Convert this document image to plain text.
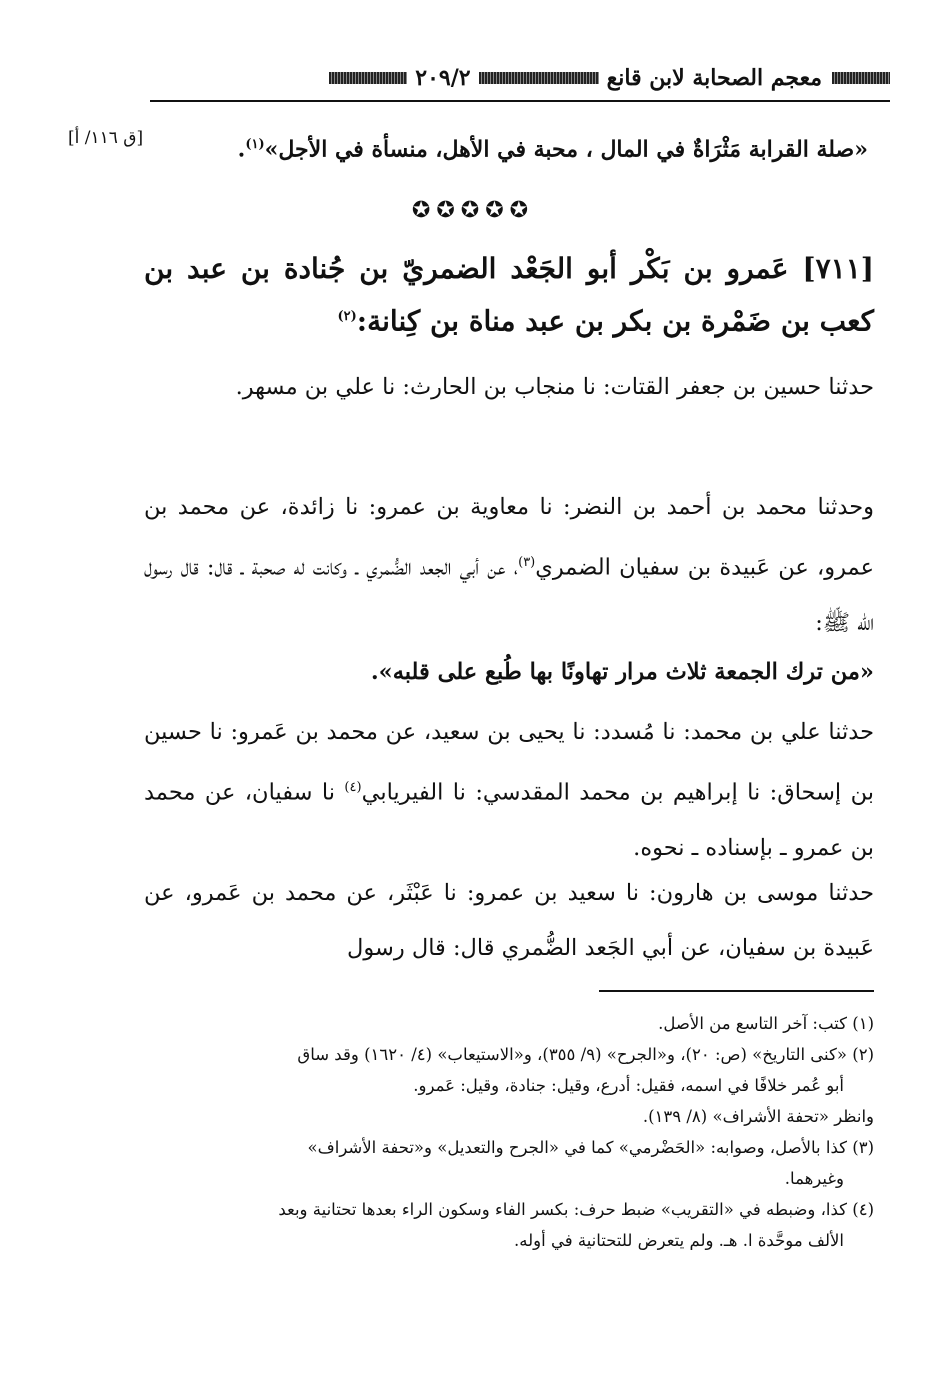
معجم الصحابة لابن قانع
٢٠٩/٢
«صلة القرابة مَثْرَاةٌ في المال ، محبة في الأهل، منسأة في الأجل»$^{(١)}$.
[ق ١١٦/ أ]
✪✪✪✪✪
[٧١١] عَمرو بن بَكْر أبو الجَعْد الضمريّ بن جُنادة بن عبد بن كعب بن ضَمْرة بن بكر بن عبد مناة بن كِنانة:$^{(٢)}$
حدثنا حسين بن جعفر القتات: نا منجاب بن الحارث: نا علي بن مسهر.
وحدثنا محمد بن أحمد بن النضر: نا معاوية بن عمرو: نا زائدة، عن محمد بن عمرو، عن عَبيدة بن سفيان الضمري$^{(٣)}$، عن أبي الجعد الضُّمري ـ وكانت له صحبة ـ قال: قال رسول الله ﷺ:
«من ترك الجمعة ثلاث مرار تهاونًا بها طُبع على قلبه».
حدثنا علي بن محمد: نا مُسدد: نا يحيى بن سعيد، عن محمد بن عَمرو: نا حسين بن إسحاق: نا إبراهيم بن محمد المقدسي: نا الفيريابي$^{(٤)}$ نا سفيان، عن محمد بن عمرو ـ بإسناده ـ نحوه.
حدثنا موسى بن هارون: نا سعيد بن عمرو: نا عَبْثَر، عن محمد بن عَمرو، عن عَبيدة بن سفيان، عن أبي الجَعد الضُّمري قال: قال رسول

(١) كتب: آخر التاسع من الأصل.

(٢) «كنى التاريخ» (ص: ٢٠)، و«الجرح» (٩/ ٣٥٥)، و«الاستيعاب» (٤/ ١٦٢٠) وقد ساق
أبو عُمر خلافًا في اسمه، فقيل: أدرع، وقيل: جنادة، وقيل: عَمرو.
وانظر «تحفة الأشراف» (٨/ ١٣٩).

(٣) كذا بالأصل، وصوابه: «الحَضْرمي» كما في «الجرح والتعديل» و«تحفة الأشراف»
وغيرهما.

(٤) كذا، وضبطه في «التقريب» ضبط حرف: بكسر الفاء وسكون الراء بعدها تحتانية وبعد
الألف موحَّدة ا. هـ. ولم يتعرض للتحتانية في أوله.
